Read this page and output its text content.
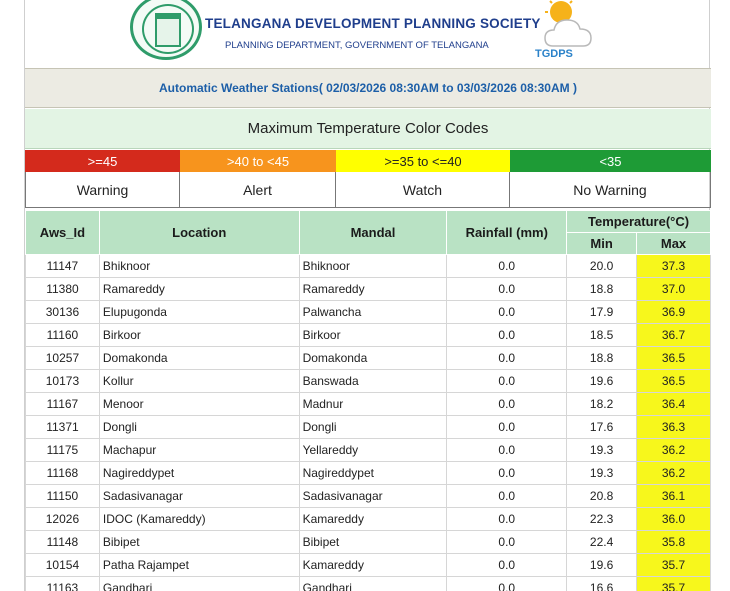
TELANGANA DEVELOPMENT PLANNING SOCIETY
PLANNING DEPARTMENT, GOVERNMENT OF TELANGANA
TGDPS
Automatic Weather Stations( 02/03/2026 08:30AM to 03/03/2026 08:30AM )
Maximum Temperature Color Codes
>=45	>40 to <45	>=35 to <=40	<35
Warning	Alert	Watch	No Warning
Aws_Id	Location	Mandal	Rainfall (mm)	Temperature(°C)	
				Min	Max
11147	Bhiknoor	Bhiknoor	0.0	20.0	37.3
11380	Ramareddy	Ramareddy	0.0	18.8	37.0
30136	Elupugonda	Palwancha	0.0	17.9	36.9
11160	Birkoor	Birkoor	0.0	18.5	36.7
10257	Domakonda	Domakonda	0.0	18.8	36.5
10173	Kollur	Banswada	0.0	19.6	36.5
11167	Menoor	Madnur	0.0	18.2	36.4
11371	Dongli	Dongli	0.0	17.6	36.3
11175	Machapur	Yellareddy	0.0	19.3	36.2
11168	Nagireddypet	Nagireddypet	0.0	19.3	36.2
11150	Sadasivanagar	Sadasivanagar	0.0	20.8	36.1
12026	IDOC (Kamareddy)	Kamareddy	0.0	22.3	36.0
11148	Bibipet	Bibipet	0.0	22.4	35.8
10154	Patha Rajampet	Kamareddy	0.0	19.6	35.7
11163	Gandhari	Gandhari	0.0	16.6	35.7
